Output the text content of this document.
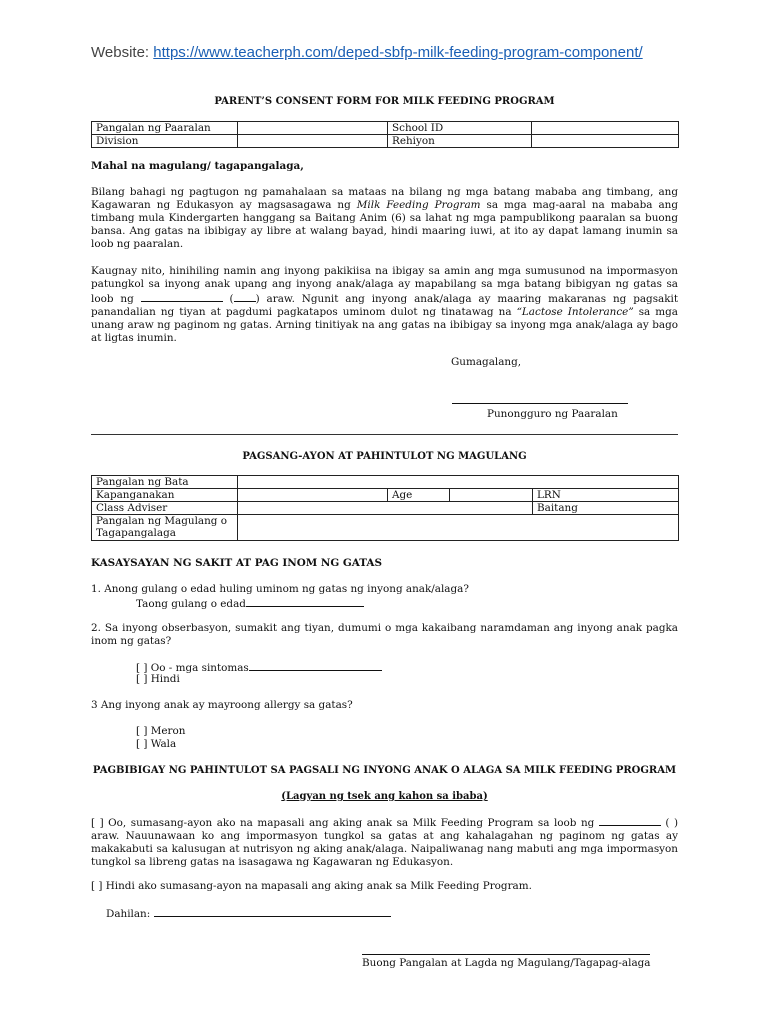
Website: https://www.teacherph.com/deped-sbfp-milk-feeding-program-component/
PARENT’S CONSENT FORM FOR MILK FEEDING PROGRAM
Pangalan ng Paaralan		School ID	
Division		Rehiyon	
Mahal na magulang/ tagapangalaga,
Bilang bahagi ng pagtugon ng pamahalaan sa mataas na bilang ng mga batang mababa ang timbang, ang Kagawaran ng Edukasyon ay magsasagawa ng Milk Feeding Program sa mga mag-aaral na mababa ang timbang mula Kindergarten hanggang sa Baitang Anim (6) sa lahat ng mga pampublikong paaralan sa buong bansa. Ang gatas na ibibigay ay libre at walang bayad, hindi maaring iuwi, at ito ay dapat lamang inumin sa loob ng paaralan.
Kaugnay nito, hinihiling namin ang inyong pakikiisa na ibigay sa amin ang mga sumusunod na impormasyon patungkol sa inyong anak upang ang inyong anak/alaga ay mapabilang sa mga batang bibigyan ng gatas sa loob ng	( ) araw. Ngunit ang inyong anak/alaga ay maaring makaranas ng pagsakit panandalian ng tiyan at pagdumi pagkatapos uminom dulot ng tinatawag na “Lactose Intolerance” sa mga unang araw ng paginom ng gatas. Arning tinitiyak na ang gatas na ibibigay sa inyong mga anak/alaga ay bago at ligtas inumin.
Gumagalang,
Punongguro ng Paaralan
PAGSANG-AYON AT PAHINTULOT NG MAGULANG
Pangalan ng Bata				
Kapanganakan		Age		LRN
Class Adviser				Baitang
Pangalan ng Magulang o Tagapangalaga				
KASAYSAYAN NG SAKIT AT PAG INOM NG GATAS
1. Anong gulang o edad huling uminom ng gatas ng inyong anak/alaga?
Taong gulang o edad
2. Sa inyong obserbasyon, sumakit ang tiyan, dumumi o mga kakaibang naramdaman ang inyong anak pagka inom ng gatas?
[ ] Oo - mga sintomas
[ ] Hindi
3 Ang inyong anak ay mayroong allergy sa gatas?
[ ] Meron
[ ] Wala
PAGBIBIGAY NG PAHINTULOT SA PAGSALI NG INYONG ANAK O ALAGA SA MILK FEEDING PROGRAM
(Lagyan ng tsek ang kahon sa ibaba)
[ ] Oo, sumasang-ayon ako na mapasali ang aking anak sa Milk Feeding Program sa loob ng	( ) araw. Nauunawaan ko ang impormasyon tungkol sa gatas at ang kahalagahan ng paginom ng gatas ay makakabuti sa kalusugan at nutrisyon ng aking anak/alaga. Naipaliwanag nang mabuti ang mga impormasyon tungkol sa libreng gatas na isasagawa ng Kagawaran ng Edukasyon.
[ ] Hindi ako sumasang-ayon na mapasali ang aking anak sa Milk Feeding Program.
Dahilan:
Buong Pangalan at Lagda ng Magulang/Tagapag-alaga
